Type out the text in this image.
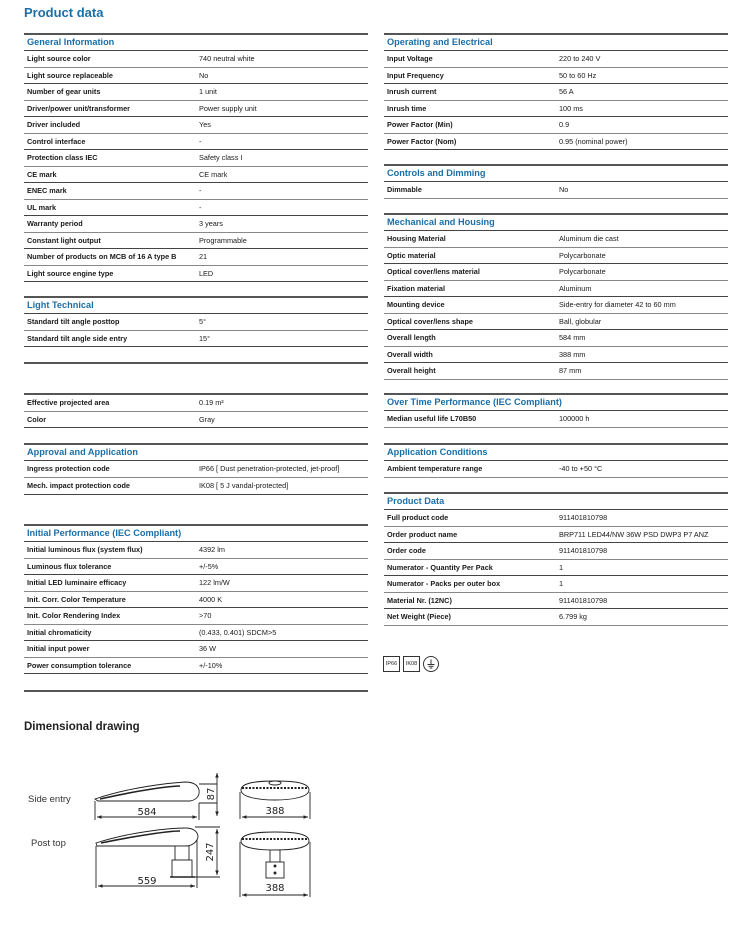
Product data
General Information
Light source color	740 neutral white
Light source replaceable	No
Number of gear units	1 unit
Driver/power unit/transformer	Power supply unit
Driver included	Yes
Control interface	-
Protection class IEC	Safety class I
CE mark	CE mark
ENEC mark	-
UL mark	-
Warranty period	3 years
Constant light output	Programmable
Number of products on MCB of 16 A type B	21
Light source engine type	LED
Light Technical
Standard tilt angle posttop	5°
Standard tilt angle side entry	15°
Effective projected area	0.19 m²
Color	Gray
Approval and Application
Ingress protection code	IP66 [ Dust penetration-protected, jet-proof]
Mech. impact protection code	IK08 [ 5 J vandal-protected]
Initial Performance (IEC Compliant)
Initial luminous flux (system flux)	4392 lm
Luminous flux tolerance	+/-5%
Initial LED luminaire efficacy	122 lm/W
Init. Corr. Color Temperature	4000 K
Init. Color Rendering Index	>70
Initial chromaticity	(0.433, 0.401) SDCM>5
Initial input power	36 W
Power consumption tolerance	+/-10%
Operating and Electrical
Input Voltage	220 to 240 V
Input Frequency	50 to 60 Hz
Inrush current	56 A
Inrush time	100 ms
Power Factor (Min)	0.9
Power Factor (Nom)	0.95 (nominal power)
Controls and Dimming
Dimmable	No
Mechanical and Housing
Housing Material	Aluminum die cast
Optic material	Polycarbonate
Optical cover/lens material	Polycarbonate
Fixation material	Aluminum
Mounting device	Side-entry for diameter 42 to 60 mm
Optical cover/lens shape	Ball, globular
Overall length	584 mm
Overall width	388 mm
Overall height	87 mm
Over Time Performance (IEC Compliant)
Median useful life L70B50	100000 h
Application Conditions
Ambient temperature range	-40 to +50 °C
Product Data
Full product code	911401810798
Order product name	BRP711 LED44/NW 36W PSD DWP3 P7 ANZ
Order code	911401810798
Numerator - Quantity Per Pack	1
Numerator - Packs per outer box	1
Material Nr. (12NC)	911401810798
Net Weight (Piece)	6.799 kg
IP66	IK08
Dimensional drawing
Side entry
Post top
584
87
388
559
247
388
